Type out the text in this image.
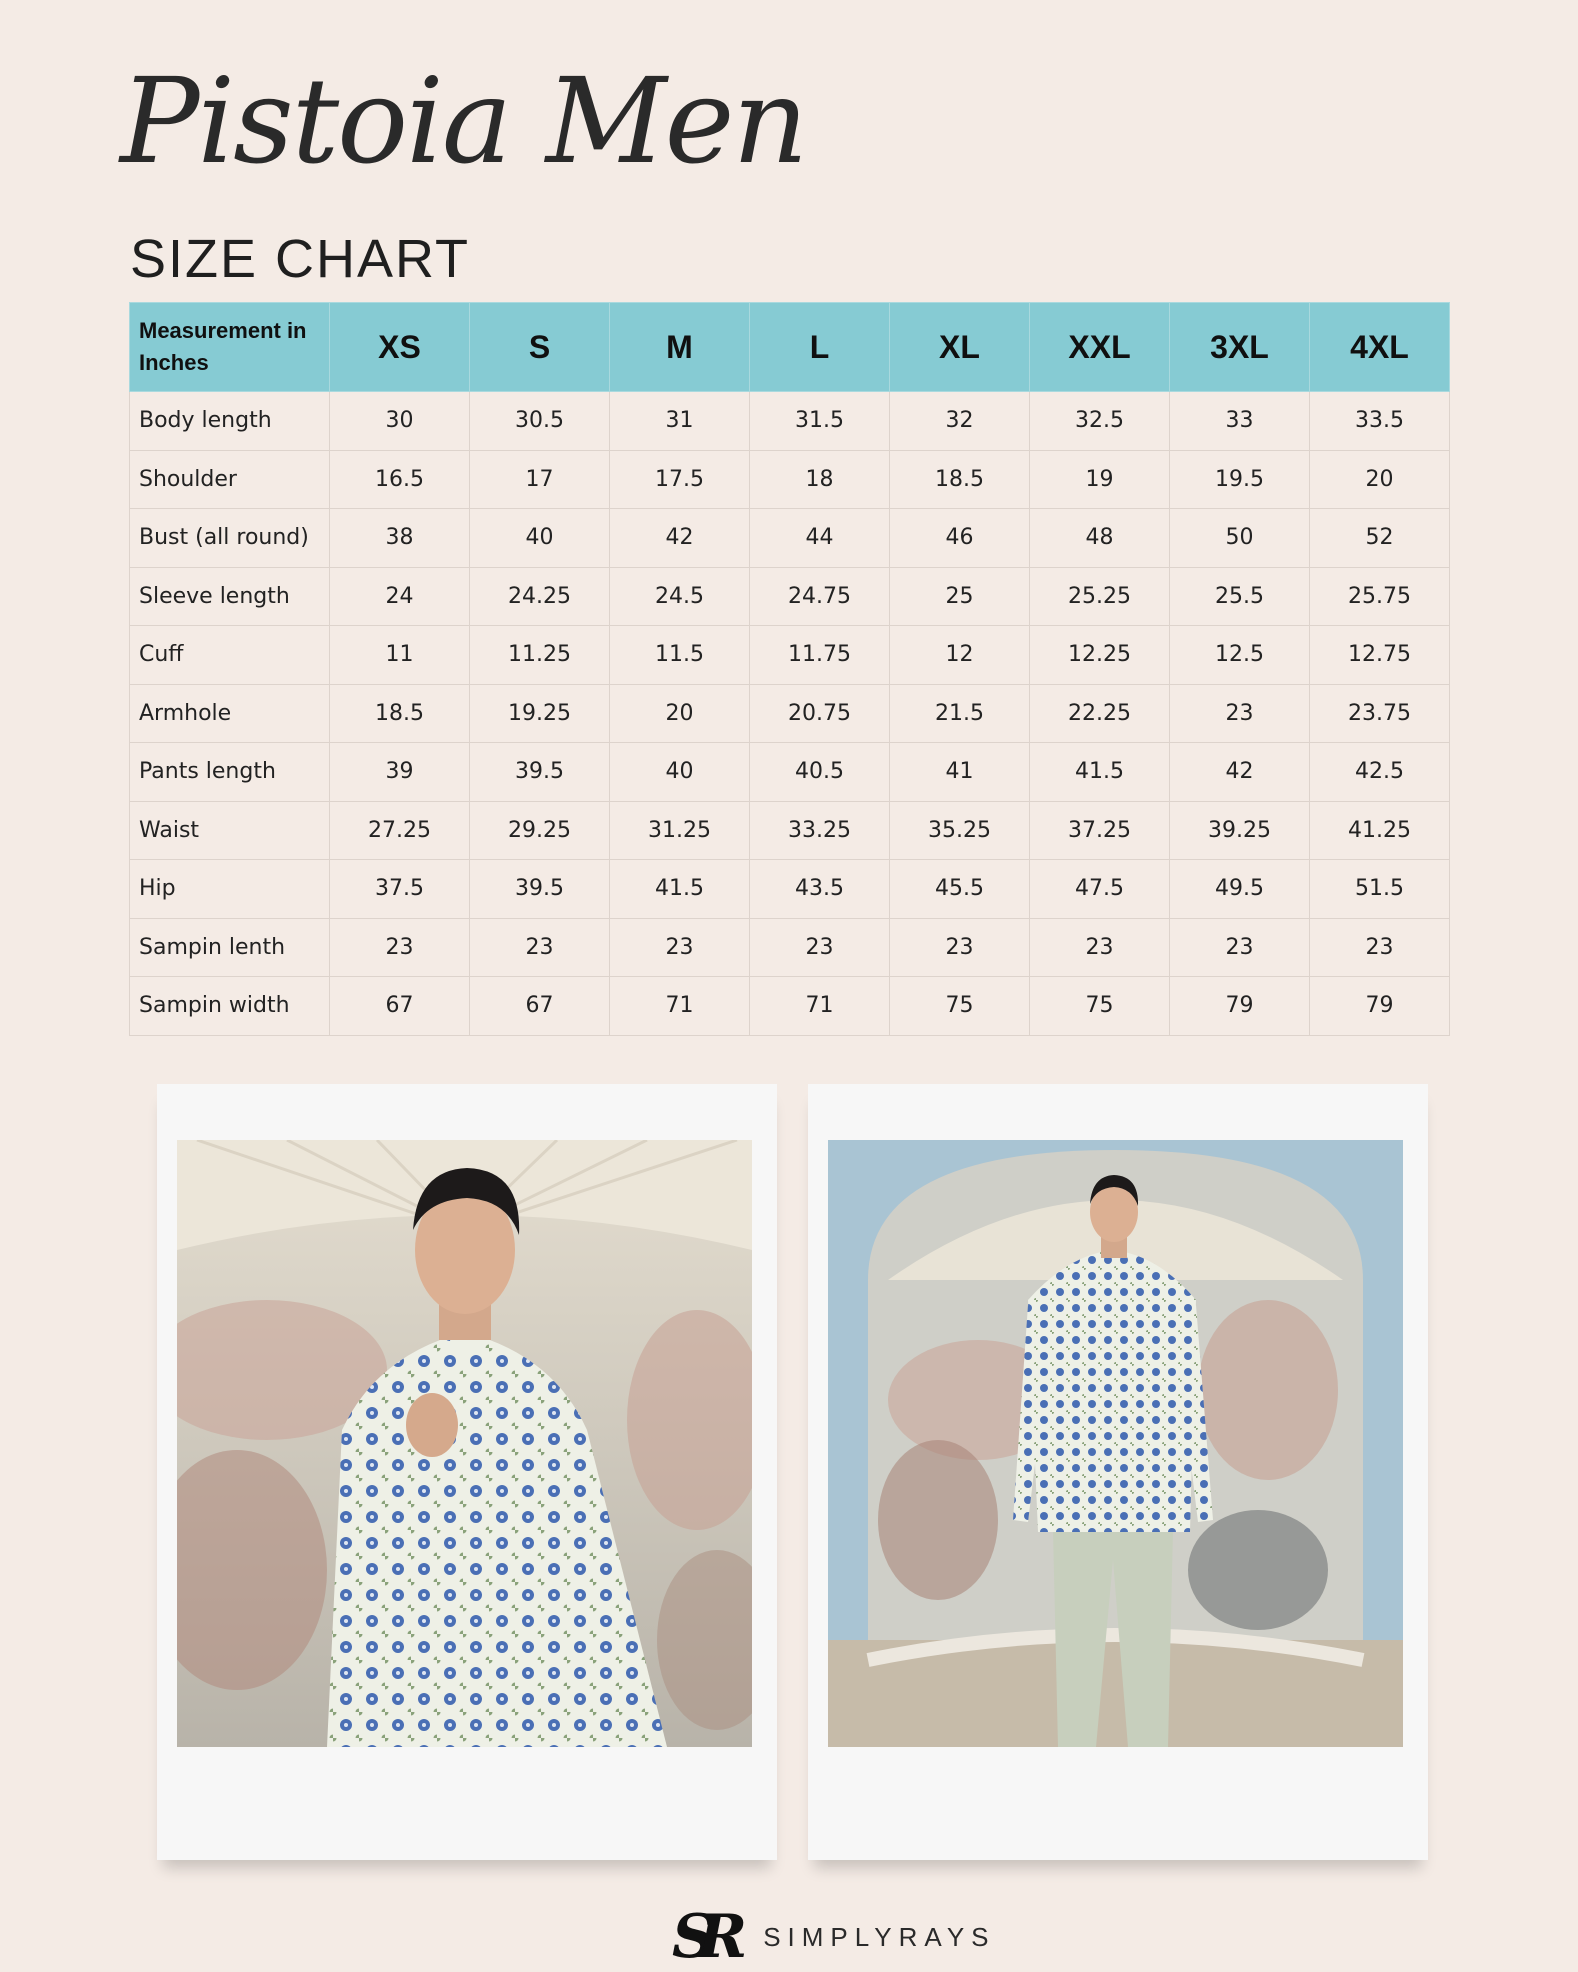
Pistoia Men
SIZE CHART
Measurement in Inches	XS	S	M	L	XL	XXL	3XL	4XL
Body length	30	30.5	31	31.5	32	32.5	33	33.5
Shoulder	16.5	17	17.5	18	18.5	19	19.5	20
Bust (all round)	38	40	42	44	46	48	50	52
Sleeve length	24	24.25	24.5	24.75	25	25.25	25.5	25.75
Cuff	11	11.25	11.5	11.75	12	12.25	12.5	12.75
Armhole	18.5	19.25	20	20.75	21.5	22.25	23	23.75
Pants length	39	39.5	40	40.5	41	41.5	42	42.5
Waist	27.25	29.25	31.25	33.25	35.25	37.25	39.25	41.25
Hip	37.5	39.5	41.5	43.5	45.5	47.5	49.5	51.5
Sampin lenth	23	23	23	23	23	23	23	23
Sampin width	67	67	71	71	75	75	79	79
SR SIMPLYRAYS
